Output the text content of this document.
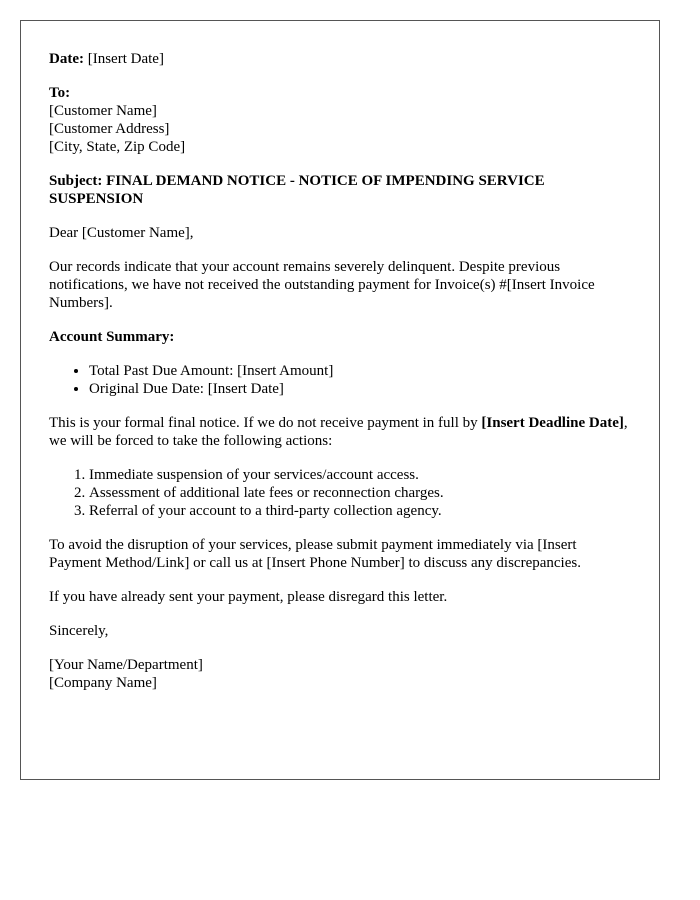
Date: [Insert Date]

To:
[Customer Name]
[Customer Address]
[City, State, Zip Code]

Subject: FINAL DEMAND NOTICE - NOTICE OF IMPENDING SERVICE SUSPENSION

Dear [Customer Name],

Our records indicate that your account remains severely delinquent. Despite previous notifications, we have not received the outstanding payment for Invoice(s) #[Insert Invoice Numbers].

Account Summary:

• Total Past Due Amount: [Insert Amount]
• Original Due Date: [Insert Date]

This is your formal final notice. If we do not receive payment in full by [Insert Deadline Date], we will be forced to take the following actions:

1. Immediate suspension of your services/account access.
2. Assessment of additional late fees or reconnection charges.
3. Referral of your account to a third-party collection agency.

To avoid the disruption of your services, please submit payment immediately via [Insert Payment Method/Link] or call us at [Insert Phone Number] to discuss any discrepancies.

If you have already sent your payment, please disregard this letter.

Sincerely,

[Your Name/Department]
[Company Name]
